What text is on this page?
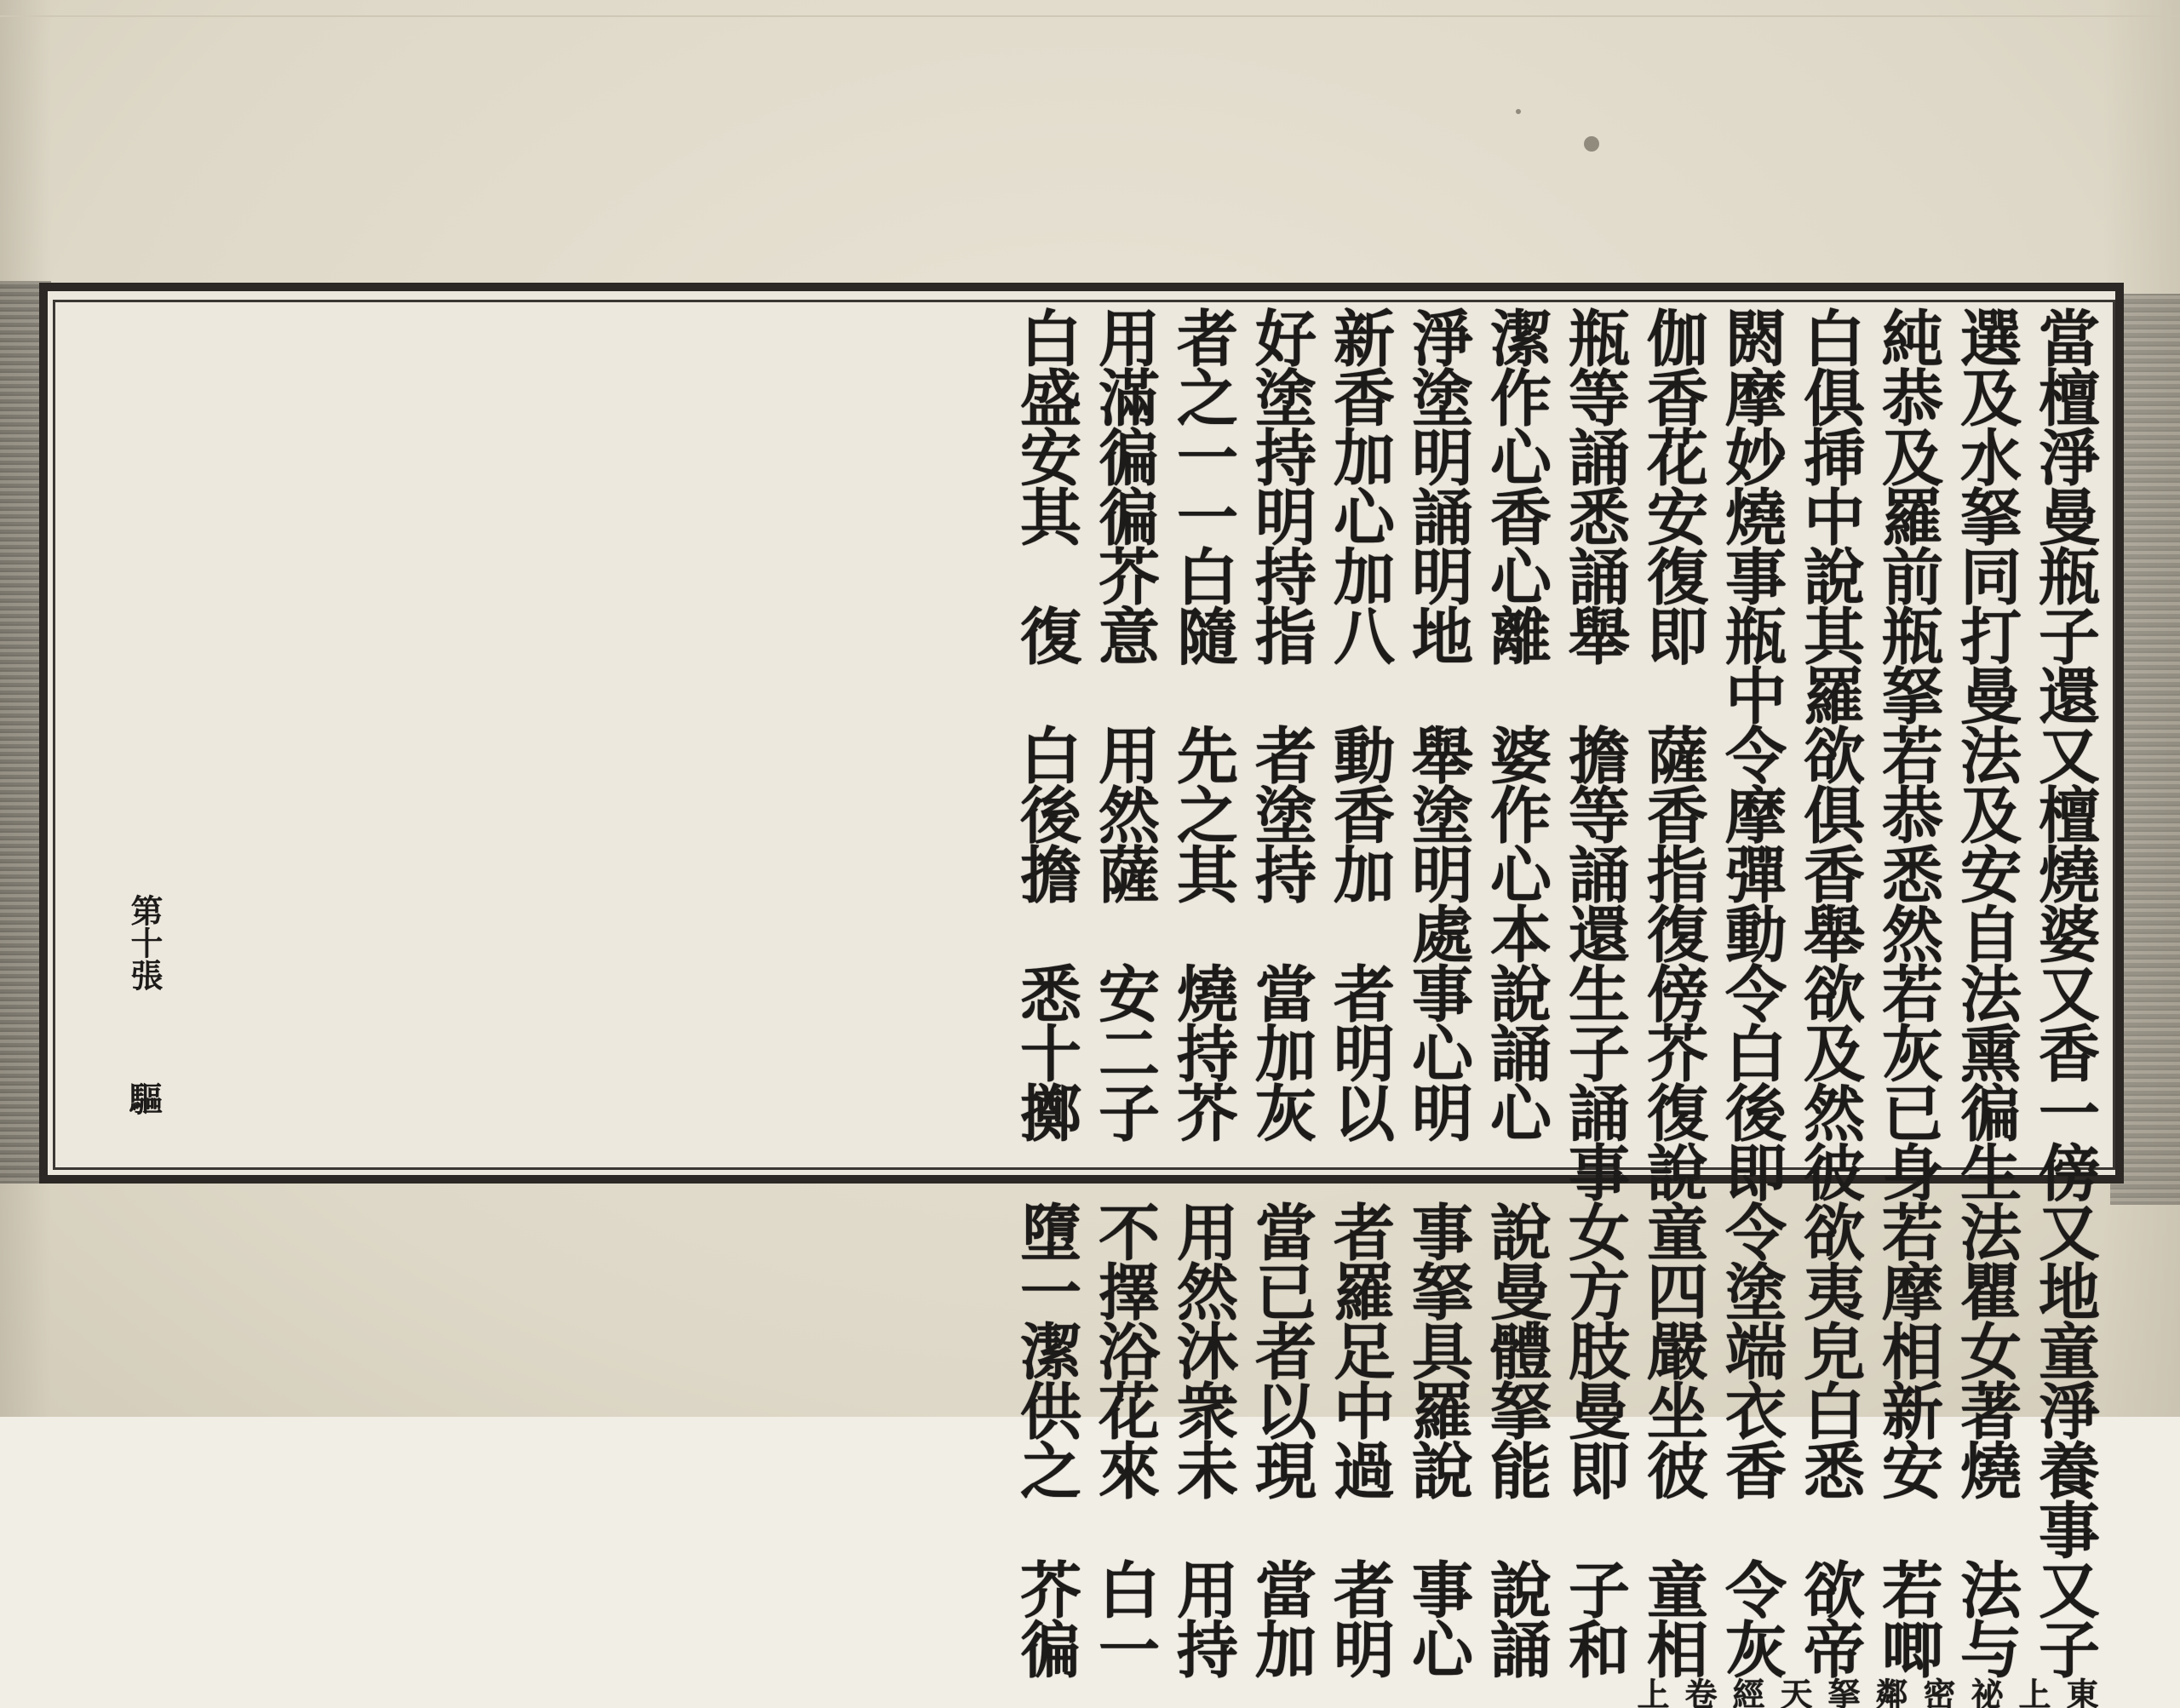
當選純白閼伽瓶潔淨新好者用白
檀及恭俱摩香等作塗香塗之滿盛
淨水及挿妙花誦心明加持一徧安
曼拏羅中燒安悉香誦心明一徧其
瓶同前說事復誦心明加持白芥
子打瓶其瓶即舉離地八指隨意復
還曼拏羅中
又法若欲令薩擔婆舉動者先用白
檀及恭俱摩香等作塗香塗之然後
燒安悉香彈指誦心明加持其薩擔
婆自然舉動復還本處
又法若欲令傍生說事者當燒安悉
香熏灰及白芥子誦心明加持二十
一徧已然後復誦心明以灰芥子擲
傍生身彼即說事
又法若欲令童女說事者當用不墮
地瞿摩夷塗四方曼拏羅已然擇一
童女相皃端嚴肢體具足者沐浴潔
淨著新白衣坐曼拏羅中以衆花供
養燒安悉香彼即能說過現未來之
事
又法若欲令童子說事者當用白芥
子与唧帝灰相和誦心明加持一徧
東上祕密鄰拏天經卷上
第十張
驅
